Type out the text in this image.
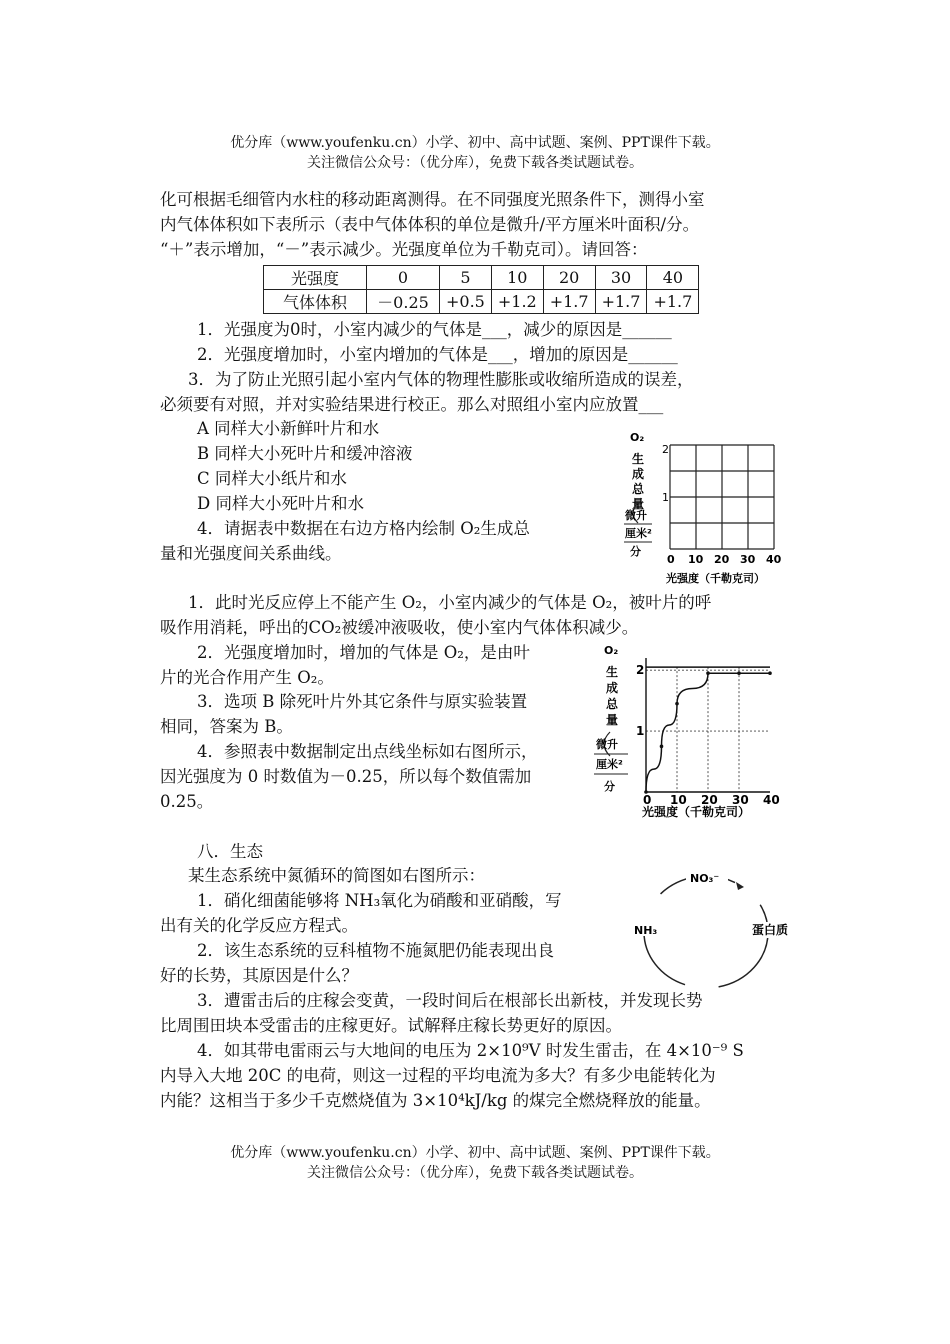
优分库（www.youfenku.cn）小学、初中、高中试题、案例、PPT课件下载。
关注微信公众号：（优分库），免费下载各类试题试卷。
化可根据毛细管内水柱的移动距离测得。在不同强度光照条件下，测得小室
内气体体积如下表所示（表中气体体积的单位是微升/平方厘米叶面积/分。
“＋”表示增加，“－”表示减少。光强度单位为千勒克司）。请回答：
光强度	0	5	10	20	30	40
气体体积	－0.25	+0.5	+1.2	+1.7	+1.7	+1.7
1．光强度为0时，小室内减少的气体是___，减少的原因是______
2．光强度增加时，小室内增加的气体是___，增加的原因是______
3．为了防止光照引起小室内气体的物理性膨胀或收缩所造成的误差，
必须要有对照，并对实验结果进行校正。那么对照组小室内应放置___
A 同样大小新鲜叶片和水
B 同样大小死叶片和缓冲溶液
C 同样大小纸片和水
D 同样大小死叶片和水
4．请据表中数据在右边方格内绘制 O₂生成总
量和光强度间关系曲线。
O₂
生
成
总
量
微升
厘米²
分
2
1
0 10 20 30 40
光强度（千勒克司）
1．此时光反应停上不能产生 O₂，小室内减少的气体是 O₂，被叶片的呼
吸作用消耗，呼出的CO₂被缓冲液吸收，使小室内气体体积减少。
2．光强度增加时，增加的气体是 O₂，是由叶
片的光合作用产生 O₂。
3．选项 B 除死叶片外其它条件与原实验装置
相同，答案为 B。
4．参照表中数据制定出点线坐标如右图所示，
因光强度为 0 时数值为－0.25，所以每个数值需加
0.25。
O₂
生
成
总
量
微升
厘米²
分
1
2
0 10 20 30 40
光强度（千勒克司）
八．生态
某生态系统中氮循环的简图如右图所示：
1．硝化细菌能够将 NH₃氧化为硝酸和亚硝酸，写
出有关的化学反应方程式。
2．该生态系统的豆科植物不施氮肥仍能表现出良
好的长势，其原因是什么？
3．遭雷击后的庄稼会变黄，一段时间后在根部长出新枝，并发现长势
比周围田块本受雷击的庄稼更好。试解释庄稼长势更好的原因。
4．如其带电雷雨云与大地间的电压为 2×10⁹V 时发生雷击，在 4×10⁻⁹ S
内导入大地 20C 的电荷，则这一过程的平均电流为多大？有多少电能转化为
内能？这相当于多少千克燃烧值为 3×10⁴kJ/kg 的煤完全燃烧释放的能量。
NO₃⁻
NH₃	蛋白质
优分库（www.youfenku.cn）小学、初中、高中试题、案例、PPT课件下载。
关注微信公众号：（优分库），免费下载各类试题试卷。
